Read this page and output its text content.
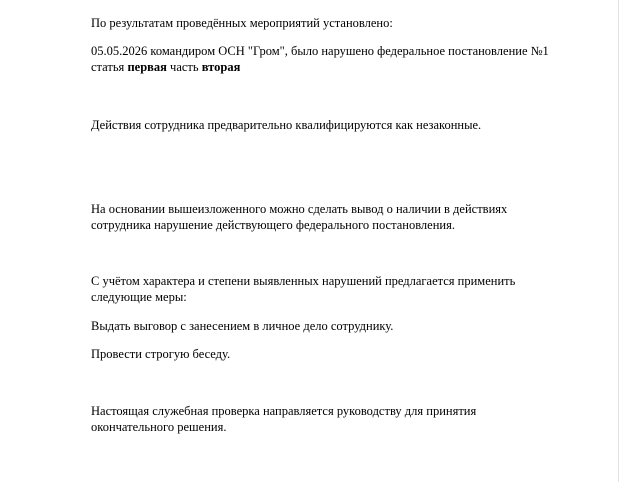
По результатам проведённых мероприятий установлено:
05.05.2026 командиром ОСН "Гром", было нарушено федеральное постановление №1
статья первая часть вторая
Действия сотрудника предварительно квалифицируются как незаконные.
На основании вышеизложенного можно сделать вывод о наличии в действиях
сотрудника нарушение действующего федерального постановления.
С учётом характера и степени выявленных нарушений предлагается применить
следующие меры:
Выдать выговор с занесением в личное дело сотруднику.
Провести строгую беседу.
Настоящая служебная проверка направляется руководству для принятия
окончательного решения.
